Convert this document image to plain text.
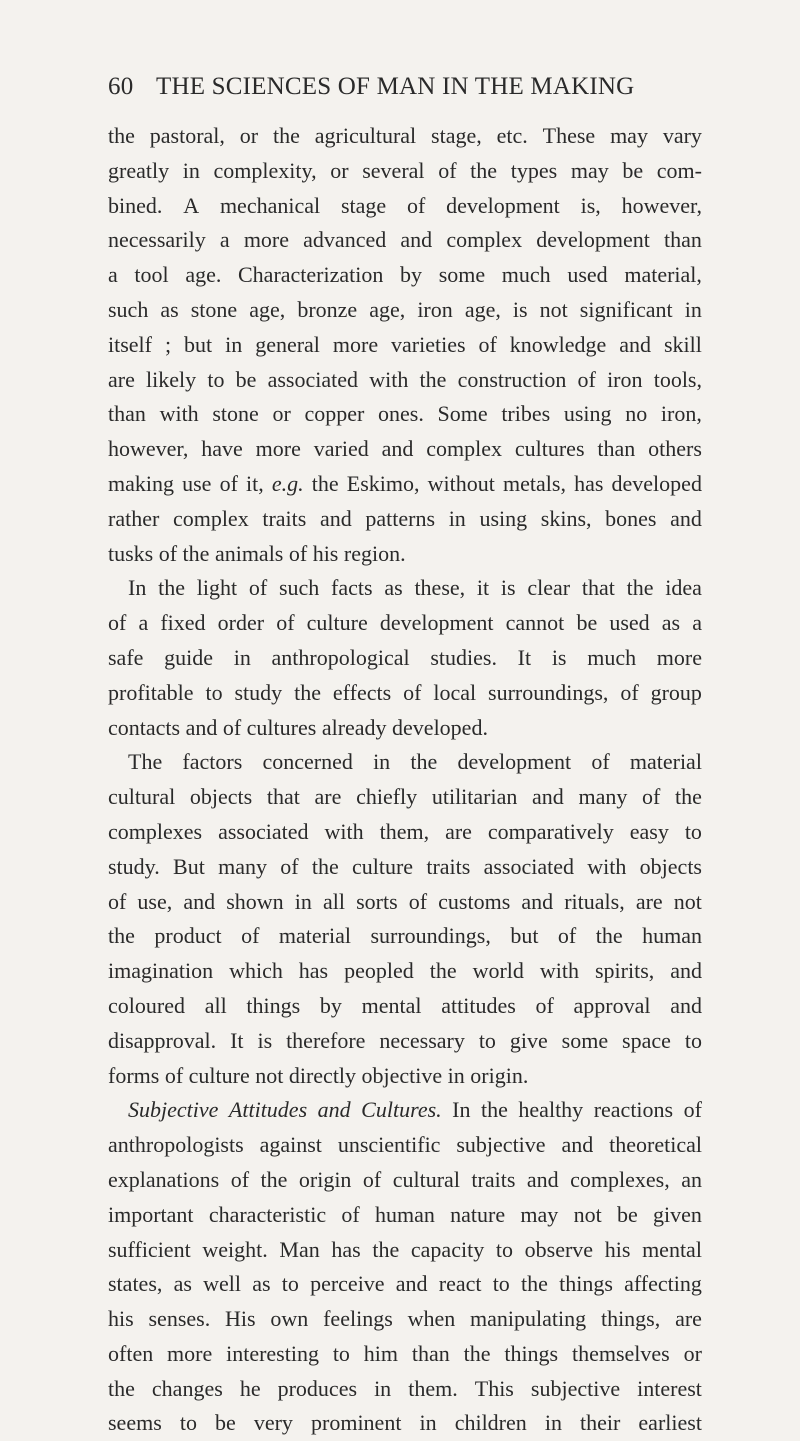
60 THE SCIENCES OF MAN IN THE MAKING
the pastoral, or the agricultural stage, etc. These may vary
greatly in complexity, or several of the types may be com-
bined. A mechanical stage of development is, however,
necessarily a more advanced and complex development than
a tool age. Characterization by some much used material,
such as stone age, bronze age, iron age, is not significant in
itself ; but in general more varieties of knowledge and skill
are likely to be associated with the construction of iron tools,
than with stone or copper ones. Some tribes using no iron,
however, have more varied and complex cultures than others
making use of it, e.g. the Eskimo, without metals, has developed
rather complex traits and patterns in using skins, bones and
tusks of the animals of his region.
In the light of such facts as these, it is clear that the idea
of a fixed order of culture development cannot be used as a
safe guide in anthropological studies. It is much more
profitable to study the effects of local surroundings, of group
contacts and of cultures already developed.
The factors concerned in the development of material
cultural objects that are chiefly utilitarian and many of the
complexes associated with them, are comparatively easy to
study. But many of the culture traits associated with objects
of use, and shown in all sorts of customs and rituals, are not
the product of material surroundings, but of the human
imagination which has peopled the world with spirits, and
coloured all things by mental attitudes of approval and
disapproval. It is therefore necessary to give some space to
forms of culture not directly objective in origin.
Subjective Attitudes and Cultures. In the healthy reactions of
anthropologists against unscientific subjective and theoretical
explanations of the origin of cultural traits and complexes, an
important characteristic of human nature may not be given
sufficient weight. Man has the capacity to observe his mental
states, as well as to perceive and react to the things affecting
his senses. His own feelings when manipulating things, are
often more interesting to him than the things themselves or
the changes he produces in them. This subjective interest
seems to be very prominent in children in their earliest
